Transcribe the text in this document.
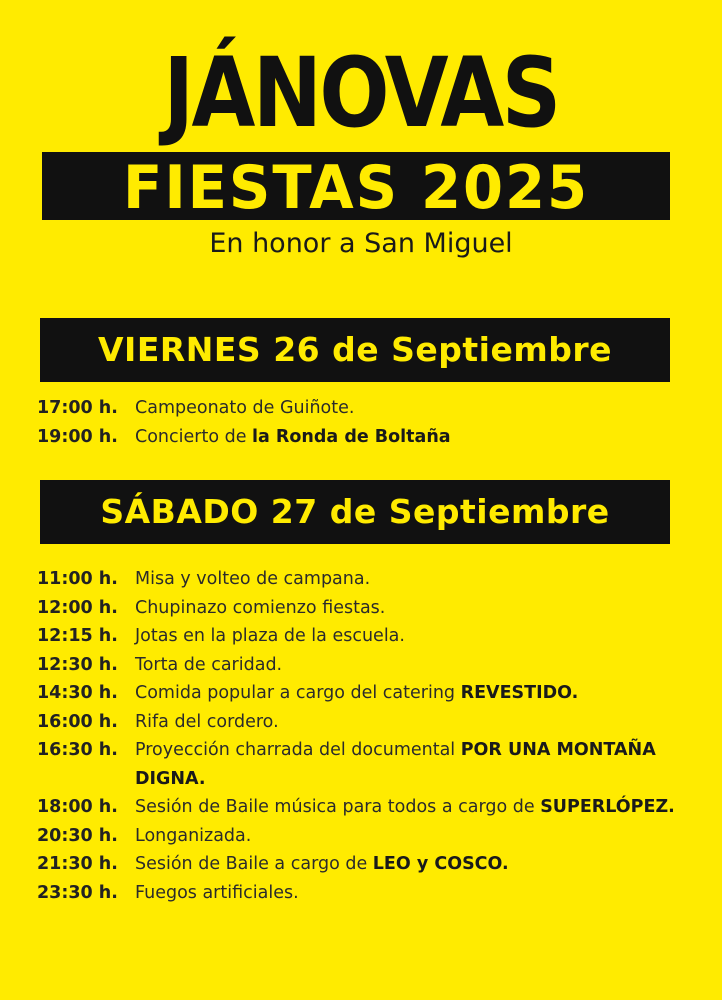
JÁNOVAS
FIESTAS 2025
En honor a San Miguel
VIERNES 26 de Septiembre
17:00 h. Campeonato de Guiñote.
19:00 h. Concierto de la Ronda de Boltaña
SÁBADO 27 de Septiembre
11:00 h. Misa y volteo de campana.
12:00 h. Chupinazo comienzo fiestas.
12:15 h. Jotas en la plaza de la escuela.
12:30 h. Torta de caridad.
14:30 h. Comida popular a cargo del catering REVESTIDO.
16:00 h. Rifa del cordero.
16:30 h. Proyección charrada del documental POR UNA MONTAÑA DIGNA.
18:00 h. Sesión de Baile música para todos a cargo de SUPERLÓPEZ.
20:30 h. Longanizada.
21:30 h. Sesión de Baile a cargo de LEO y COSCO.
23:30 h. Fuegos artificiales.
